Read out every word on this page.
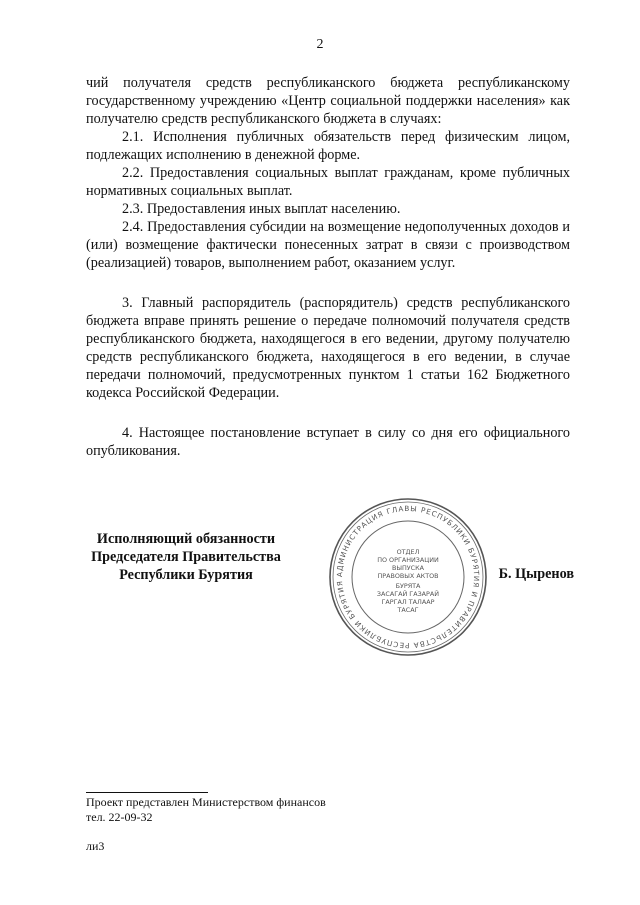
2

чий получателя средств республиканского бюджета республиканскому государственному учреждению «Центр социальной поддержки населения» как получателю средств республиканского бюджета в случаях:

2.1. Исполнения публичных обязательств перед физическим лицом, подлежащих исполнению в денежной форме.

2.2. Предоставления социальных выплат гражданам, кроме публичных нормативных социальных выплат.

2.3. Предоставления иных выплат населению.

2.4. Предоставления субсидии на возмещение недополученных доходов и (или) возмещение фактически понесенных затрат в связи с производством (реализацией) товаров, выполнением работ, оказанием услуг.

3. Главный распорядитель (распорядитель) средств республиканского бюджета вправе принять решение о передаче полномочий получателя средств республиканского бюджета, находящегося в его ведении, другому получателю средств республиканского бюджета, находящегося в его ведении, в случае передачи полномочий, предусмотренных пунктом 1 статьи 162 Бюджетного кодекса Российской Федерации.

4. Настоящее постановление вступает в силу со дня его официального опубликования.

Исполняющий обязанности
Председателя Правительства
Республики Бурятия	АДМИНИСТРАЦИЯ ГЛАВЫ РЕСПУБЛИКИ БУРЯТИЯ И ПРАВИТЕЛЬСТВА РЕСПУБЛИКИ БУРЯТИЯ
ОТДЕЛ
ПО ОРГАНИЗАЦИИ
ВЫПУСКА
ПРАВОВЫХ АКТОВ
БУРЯТА
ЗАСАГАЙ ГАЗАРАЙ
ГАРГАЛ ТАЛААР
ТАСАГ
Б. Цыренов
Проект представлен Министерством финансов
тел. 22-09-32
ли3
